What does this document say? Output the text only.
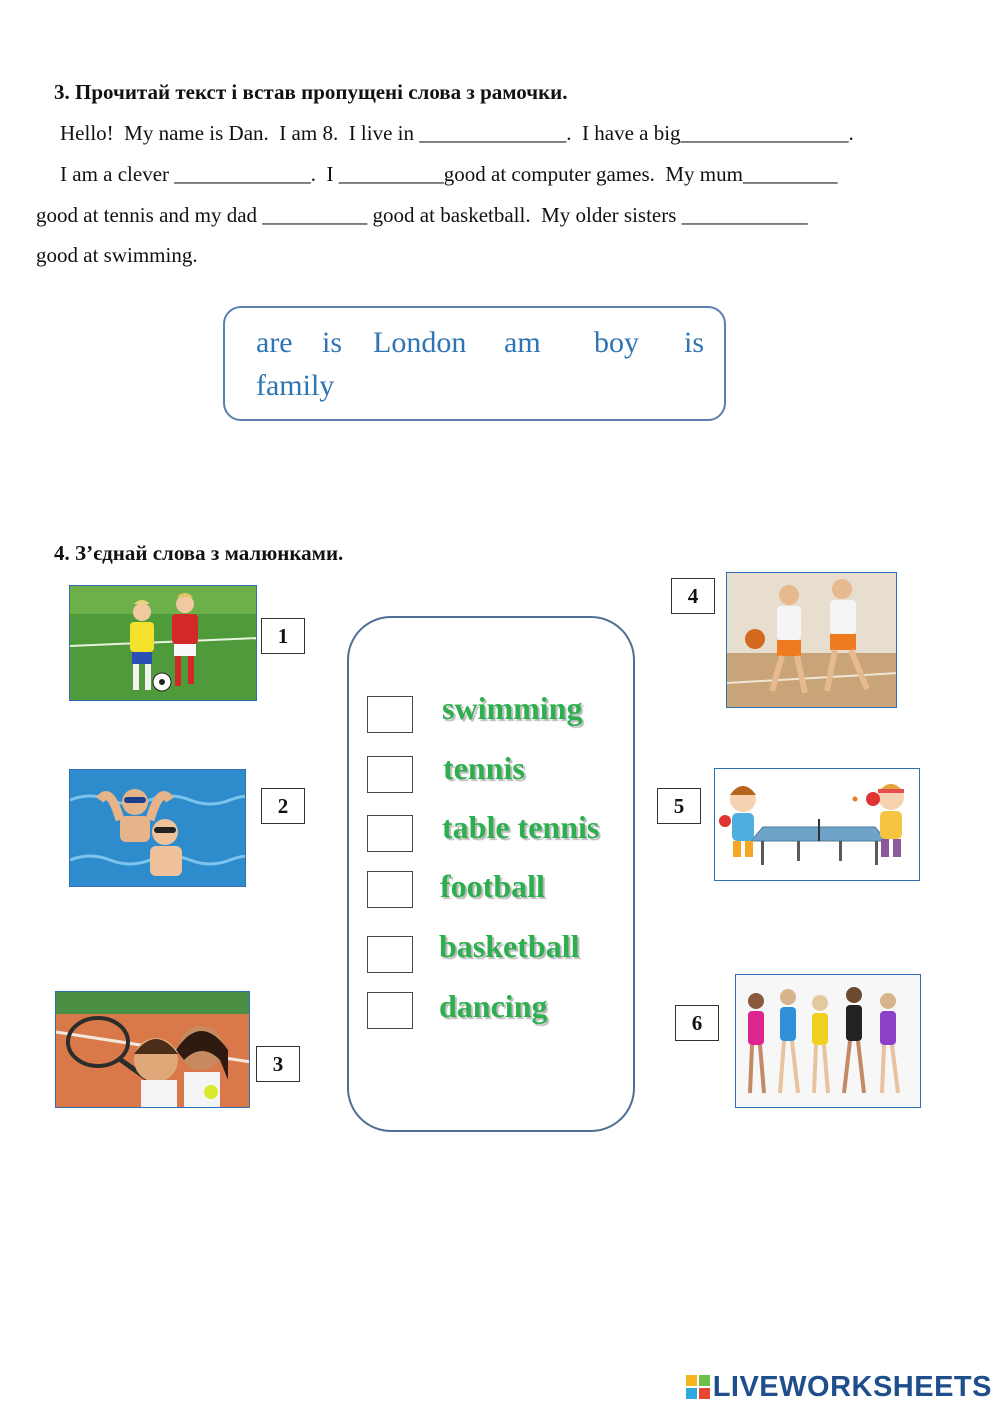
3. Прочитай текст і встав пропущені слова з рамочки.
Hello!  My name is Dan.  I am 8.  I live in ______________.  I have a big________________.
I am a clever _____________.  I __________good at computer games.  My mum_________
good at tennis and my dad __________ good at basketball.  My older sisters ____________
good at swimming.
are is London am boy is
family
4. З’єднай слова з малюнками.
1
2
3
4
5
6
swimming
tennis
table tennis
football
basketball
dancing
LIVEWORKSHEETS
